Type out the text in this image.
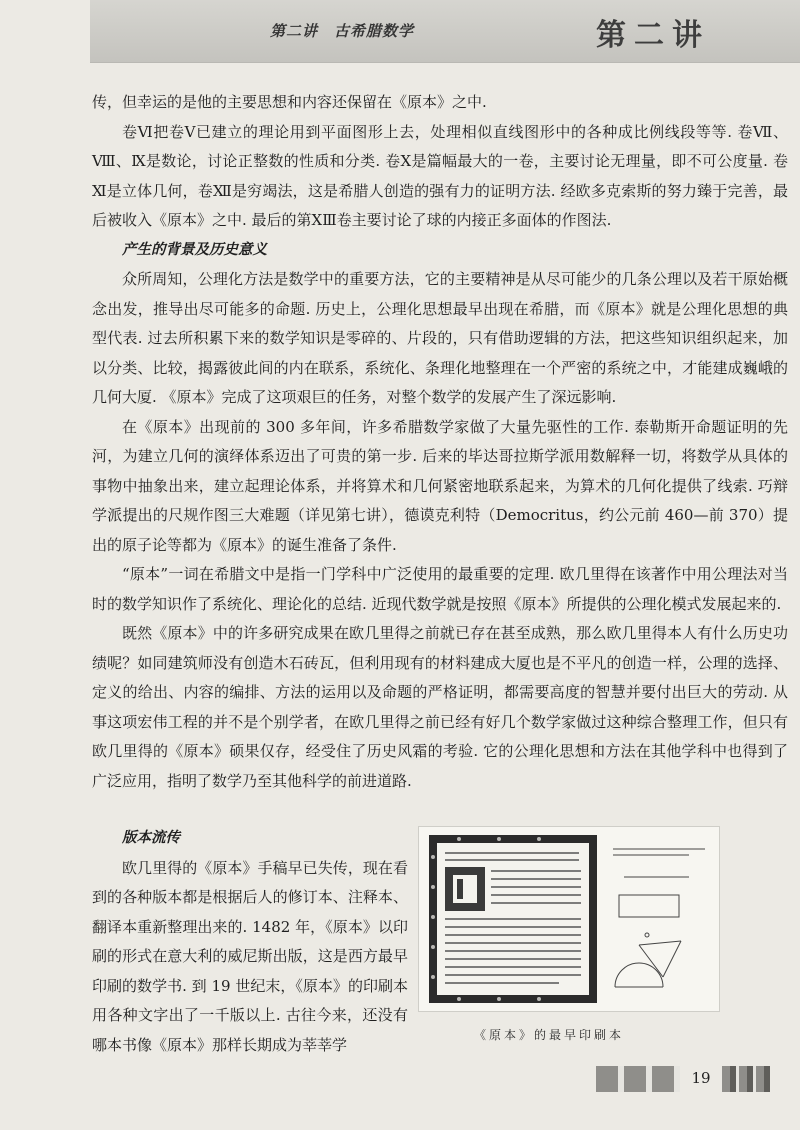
第二讲　古希腊数学	第二讲

传，但幸运的是他的主要思想和内容还保留在《原本》之中.

卷Ⅵ把卷Ⅴ已建立的理论用到平面图形上去，处理相似直线图形中的各种成比例线段等等. 卷Ⅶ、Ⅷ、Ⅸ是数论，讨论正整数的性质和分类. 卷Ⅹ是篇幅最大的一卷，主要讨论无理量，即不可公度量. 卷Ⅺ是立体几何，卷Ⅻ是穷竭法，这是希腊人创造的强有力的证明方法. 经欧多克索斯的努力臻于完善，最后被收入《原本》之中. 最后的第ⅩⅢ卷主要讨论了球的内接正多面体的作图法.

产生的背景及历史意义

众所周知，公理化方法是数学中的重要方法，它的主要精神是从尽可能少的几条公理以及若干原始概念出发，推导出尽可能多的命题. 历史上，公理化思想最早出现在希腊，而《原本》就是公理化思想的典型代表. 过去所积累下来的数学知识是零碎的、片段的，只有借助逻辑的方法，把这些知识组织起来，加以分类、比较，揭露彼此间的内在联系，系统化、条理化地整理在一个严密的系统之中，才能建成巍峨的几何大厦. 《原本》完成了这项艰巨的任务，对整个数学的发展产生了深远影响.

在《原本》出现前的 300 多年间，许多希腊数学家做了大量先驱性的工作. 泰勒斯开命题证明的先河，为建立几何的演绎体系迈出了可贵的第一步. 后来的毕达哥拉斯学派用数解释一切，将数学从具体的事物中抽象出来，建立起理论体系，并将算术和几何紧密地联系起来，为算术的几何化提供了线索. 巧辩学派提出的尺规作图三大难题（详见第七讲），德谟克利特（Democritus，约公元前 460—前 370）提出的原子论等都为《原本》的诞生准备了条件.

“原本”一词在希腊文中是指一门学科中广泛使用的最重要的定理. 欧几里得在该著作中用公理法对当时的数学知识作了系统化、理论化的总结. 近现代数学就是按照《原本》所提供的公理化模式发展起来的.

既然《原本》中的许多研究成果在欧几里得之前就已存在甚至成熟，那么欧几里得本人有什么历史功绩呢？如同建筑师没有创造木石砖瓦，但利用现有的材料建成大厦也是不平凡的创造一样，公理的选择、定义的给出、内容的编排、方法的运用以及命题的严格证明，都需要高度的智慧并要付出巨大的劳动. 从事这项宏伟工程的并不是个别学者，在欧几里得之前已经有好几个数学家做过这种综合整理工作，但只有欧几里得的《原本》硕果仅存，经受住了历史风霜的考验. 它的公理化思想和方法在其他学科中也得到了广泛应用，指明了数学乃至其他科学的前进道路.

版本流传

欧几里得的《原本》手稿早已失传，现在看到的各种版本都是根据后人的修订本、注释本、翻译本重新整理出来的. 1482 年，《原本》以印刷的形式在意大利的威尼斯出版，这是西方最早印刷的数学书. 到 19 世纪末，《原本》的印刷本用各种文字出了一千版以上. 古往今来，还没有哪本书像《原本》那样长期成为莘莘学

《原本》的最早印刷本
19
